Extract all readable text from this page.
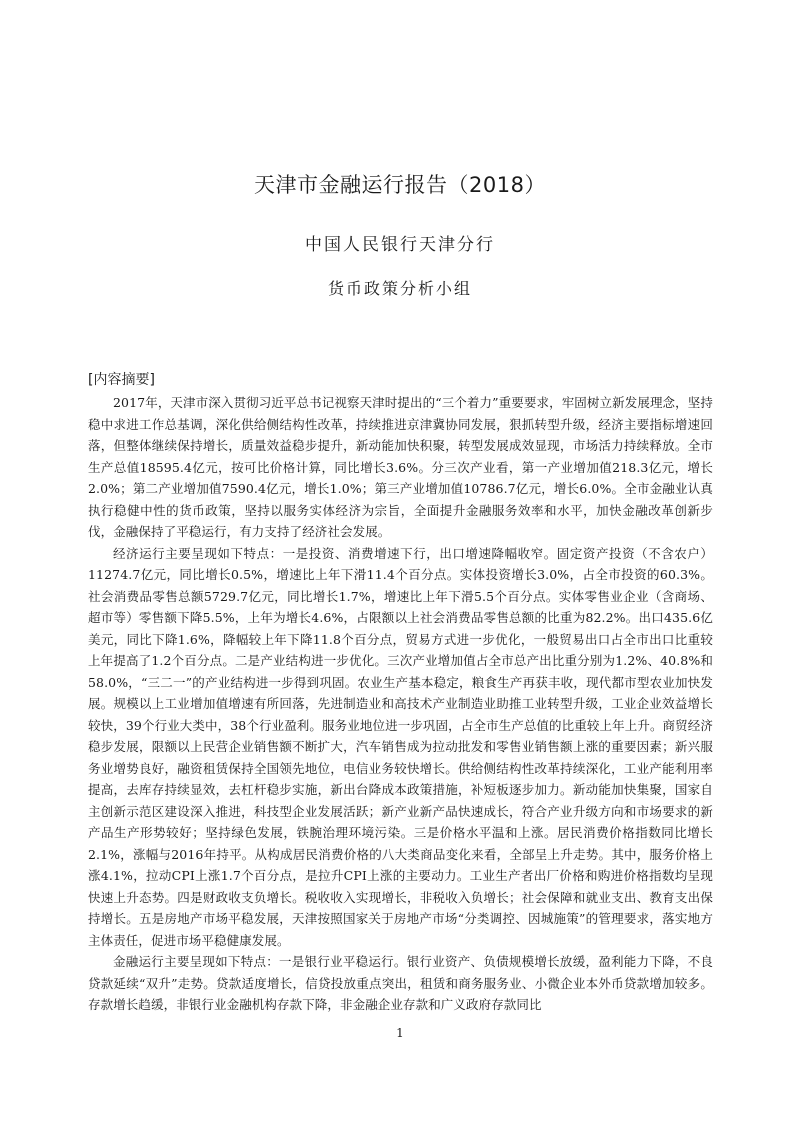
天津市金融运行报告（2018）
中国人民银行天津分行
货币政策分析小组
[内容摘要]

2017年，天津市深入贯彻习近平总书记视察天津时提出的“三个着力”重要要求，牢固树立新发展理念，坚持稳中求进工作总基调，深化供给侧结构性改革，持续推进京津冀协同发展，狠抓转型升级，经济主要指标增速回落，但整体继续保持增长，质量效益稳步提升，新动能加快积聚，转型发展成效显现，市场活力持续释放。全市生产总值18595.4亿元，按可比价格计算，同比增长3.6%。分三次产业看，第一产业增加值218.3亿元，增长2.0%；第二产业增加值7590.4亿元，增长1.0%；第三产业增加值10786.7亿元，增长6.0%。全市金融业认真执行稳健中性的货币政策，坚持以服务实体经济为宗旨，全面提升金融服务效率和水平，加快金融改革创新步伐，金融保持了平稳运行，有力支持了经济社会发展。

经济运行主要呈现如下特点：一是投资、消费增速下行，出口增速降幅收窄。固定资产投资（不含农户）11274.7亿元，同比增长0.5%，增速比上年下滑11.4个百分点。实体投资增长3.0%，占全市投资的60.3%。社会消费品零售总额5729.7亿元，同比增长1.7%，增速比上年下滑5.5个百分点。实体零售业企业（含商场、超市等）零售额下降5.5%，上年为增长4.6%，占限额以上社会消费品零售总额的比重为82.2%。出口435.6亿美元，同比下降1.6%，降幅较上年下降11.8个百分点，贸易方式进一步优化，一般贸易出口占全市出口比重较上年提高了1.2个百分点。二是产业结构进一步优化。三次产业增加值占全市总产出比重分别为1.2%、40.8%和58.0%，“三二一”的产业结构进一步得到巩固。农业生产基本稳定，粮食生产再获丰收，现代都市型农业加快发展。规模以上工业增加值增速有所回落，先进制造业和高技术产业制造业助推工业转型升级，工业企业效益增长较快，39个行业大类中，38个行业盈利。服务业地位进一步巩固，占全市生产总值的比重较上年上升。商贸经济稳步发展，限额以上民营企业销售额不断扩大，汽车销售成为拉动批发和零售业销售额上涨的重要因素；新兴服务业增势良好，融资租赁保持全国领先地位，电信业务较快增长。供给侧结构性改革持续深化，工业产能利用率提高，去库存持续显效，去杠杆稳步实施，新出台降成本政策措施，补短板逐步加力。新动能加快集聚，国家自主创新示范区建设深入推进，科技型企业发展活跃；新产业新产品快速成长，符合产业升级方向和市场要求的新产品生产形势较好；坚持绿色发展，铁腕治理环境污染。三是价格水平温和上涨。居民消费价格指数同比增长2.1%，涨幅与2016年持平。从构成居民消费价格的八大类商品变化来看，全部呈上升走势。其中，服务价格上涨4.1%，拉动CPI上涨1.7个百分点，是拉升CPI上涨的主要动力。工业生产者出厂价格和购进价格指数均呈现快速上升态势。四是财政收支负增长。税收收入实现增长，非税收入负增长；社会保障和就业支出、教育支出保持增长。五是房地产市场平稳发展，天津按照国家关于房地产市场“分类调控、因城施策”的管理要求，落实地方主体责任，促进市场平稳健康发展。

金融运行主要呈现如下特点：一是银行业平稳运行。银行业资产、负债规模增长放缓，盈利能力下降，不良贷款延续“双升”走势。贷款适度增长，信贷投放重点突出，租赁和商务服务业、小微企业本外币贷款增加较多。存款增长趋缓，非银行业金融机构存款下降，非金融企业存款和广义政府存款同比

1
